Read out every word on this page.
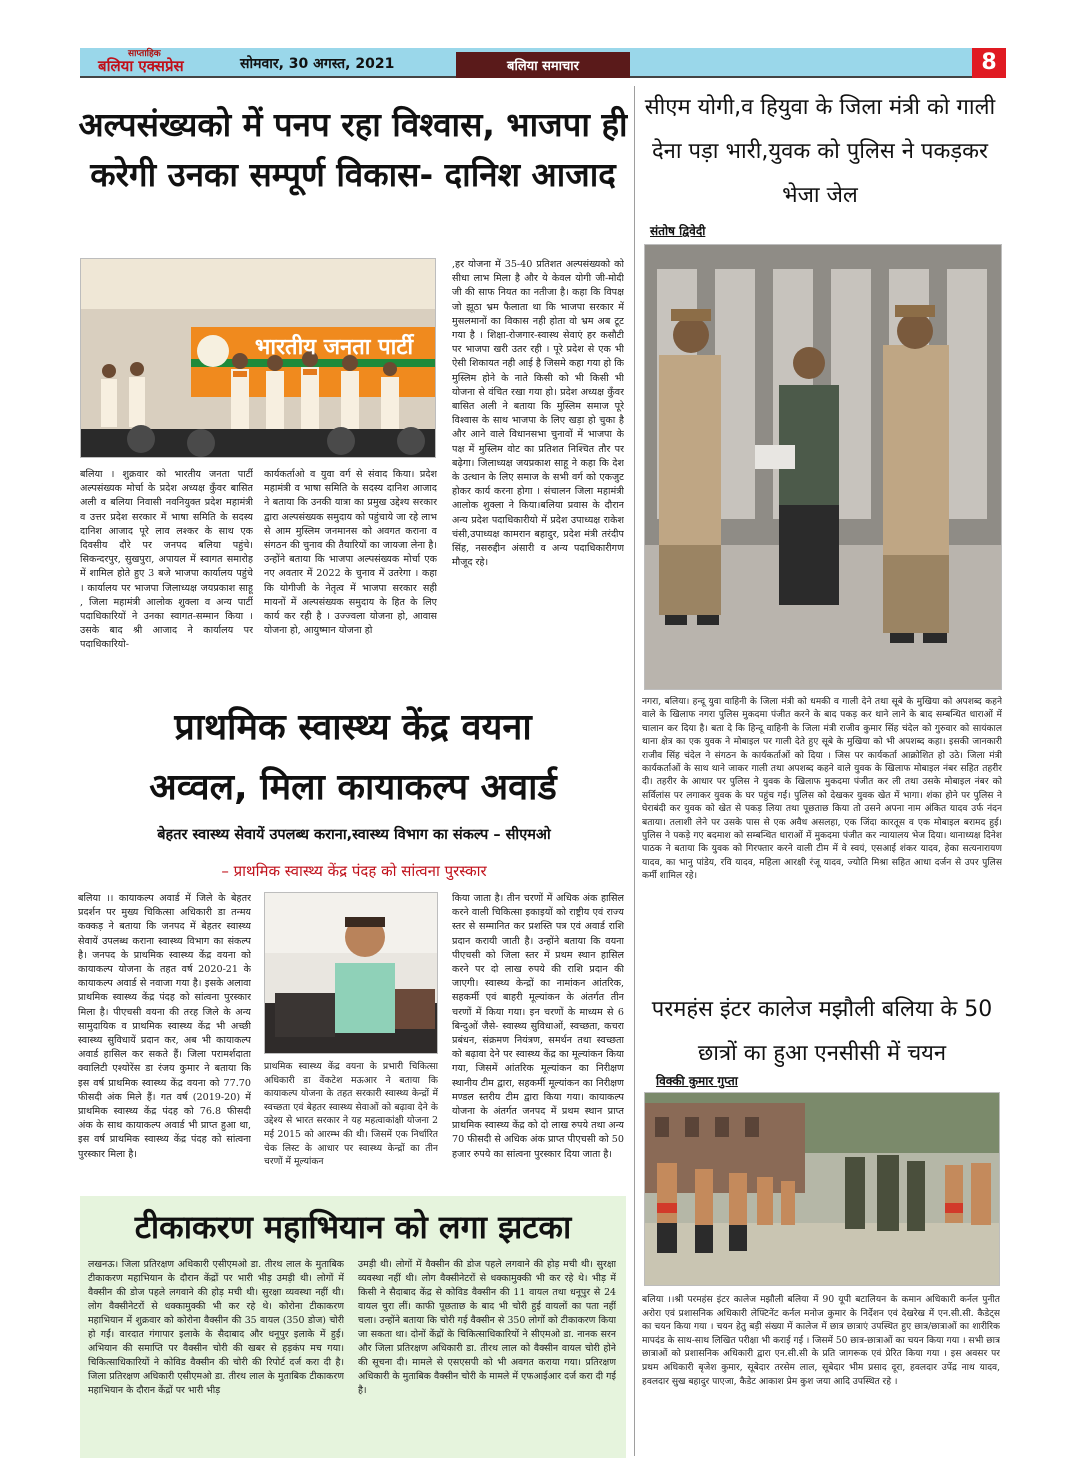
साप्ताहिक
बलिया एक्सप्रेस	सोमवार, 30 अगस्त, 2021	बलिया समाचार	8
अल्पसंख्यको में पनप रहा विश्वास, भाजपा ही करेगी उनका सम्पूर्ण विकास- दानिश आजाद
भारतीय जनता पार्टी
बलिया । शुक्रवार को भारतीय जनता पार्टी अल्पसंख्यक मोर्चा के प्रदेश अध्यक्ष कुँवर बासित अली व बलिया निवासी नवनियुक्त प्रदेश महामंत्री व उत्तर प्रदेश सरकार में भाषा समिति के सदस्य दानिश आजाद पूरे लाव लश्कर के साथ एक दिवसीय दौरे पर जनपद बलिया पहुंचे। सिकन्दरपुर, सुखपुरा, अपायल में स्वागत समारोह में शामिल होते हुए 3 बजे भाजपा कार्यालय पहुंचे । कार्यालय पर भाजपा जिलाध्यक्ष जयप्रकाश साहू , जिला महामंत्री आलोक शुक्ला व अन्य पार्टी पदाधिकारियों ने उनका स्वागत-सम्मान किया । उसके बाद श्री आजाद ने कार्यालय पर पदाधिकारियो-
कार्यकर्ताओ व युवा वर्ग से संवाद किया। प्रदेश महामंत्री व भाषा समिति के सदस्य दानिश आजाद ने बताया कि उनकी यात्रा का प्रमुख उद्देश्य सरकार द्वारा अल्पसंख्यक समुदाय को पहुंचाये जा रहे लाभ से आम मुस्लिम जनमानस को अवगत कराना व संगठन की चुनाव की तैयारियों का जायजा लेना है। उन्होंने बताया कि भाजपा अल्पसंख्यक मोर्चा एक नए अवतार में 2022 के चुनाव में उतरेगा । कहा कि योगीजी के नेतृत्व में भाजपा सरकार सही मायनों में अल्पसंख्यक समुदाय के हित के लिए कार्य कर रही है । उज्ज्वला योजना हो, आवास योजना हो, आयुष्मान योजना हो
,हर योजना में 35-40 प्रतिशत अल्पसंख्यको को सीधा लाभ मिला है और ये केवल योगी जी-मोदी जी की साफ नियत का नतीजा है। कहा कि विपक्ष जो झूठा भ्रम फैलाता था कि भाजपा सरकार में मुसलमानों का विकास नही होता वो भ्रम अब टूट गया है । शिक्षा-रोजगार-स्वास्थ सेवाएं हर कसौटी पर भाजपा खरी उतर रही । पूरे प्रदेश से एक भी ऐसी शिकायत नही आई है जिसमे कहा गया हो कि मुस्लिम होने के नाते किसी को भी किसी भी योजना से वंचित रखा गया हो। प्रदेश अध्यक्ष कुँवर बासित अली ने बताया कि मुस्लिम समाज पूरे विश्वास के साथ भाजपा के लिए खड़ा हो चुका है और आने वाले विधानसभा चुनावों में भाजपा के पक्ष में मुस्लिम वोट का प्रतिशत निश्चित तौर पर बढ़ेगा। जिलाध्यक्ष जयप्रकाश साहू ने कहा कि देश के उत्थान के लिए समाज के सभी वर्ग को एकजुट होकर कार्य करना होगा । संचालन जिला महामंत्री आलोक शुक्ला ने किया।बलिया प्रवास के दौरान अन्य प्रदेश पदाधिकारीयो में प्रदेश उपाध्यक्ष राकेश चंसी,उपाध्यक्ष कामरान बहादुर, प्रदेश मंत्री तरंदीप सिंह, नसरुद्दीन अंसारी व अन्य पदाधिकारीगण मौजूद रहे।
सीएम योगी,व हियुवा के जिला मंत्री को गाली देना पड़ा भारी,युवक को पुलिस ने पकड़कर भेजा जेल
संतोष द्विवेदी
नगरा, बलिया। हन्दू युवा वाहिनी के जिला मंत्री को धमकी व गाली देने तथा सूबे के मुखिया को अपशब्द कहने वाले के खिलाफ नगरा पुलिस मुकदमा पंजीत करने के बाद पकड़ कर थाने लाने के बाद सम्बन्धित धाराओं में चालान कर दिया है। बता दे कि हिन्दू वाहिनी के जिला मंत्री राजीव कुमार सिंह चंदेल को गुरुवार को सायंकाल थाना क्षेत्र का एक युवक ने मोबाइल पर गाली देते हुए सूबे के मुखिया को भी अपशब्द कहा। इसकी जानकारी राजीव सिंह चंदेल ने संगठन के कार्यकर्ताओं को दिया । जिस पर कार्यकर्ता आक्रोशित हो उठे। जिला मंत्री कार्यकर्ताओं के साथ थाने जाकर गाली तथा अपशब्द कहने वाले युवक के खिलाफ मोबाइल नंबर सहित तहरीर दी। तहरीर के आधार पर पुलिस ने युवक के खिलाफ मुकदमा पंजीत कर ली तथा उसके मोबाइल नंबर को सर्विलांस पर लगाकर युवक के घर पहुंच गई। पुलिस को देखकर युवक खेत में भागा। शंका होने पर पुलिस ने घेराबंदी कर युवक को खेत से पकड़ लिया तथा पूछताछ किया तो उसने अपना नाम अंकित यादव उर्फ नंदन बताया। तलाशी लेने पर उसके पास से एक अवैध असलहा, एक जिंदा कारतूस व एक मोबाइल बरामद हुई। पुलिस ने पकड़े गए बदमाश को सम्बन्धित धाराओं में मुकदमा पंजीत कर न्यायालय भेज दिया। थानाध्यक्ष दिनेश पाठक ने बताया कि युवक को गिरफ्तार करने वाली टीम में वे स्वयं, एसआई शंकर यादव, हेका सत्यनारायण यादव, का भानु पांडेय, रवि यादव, महिला आरक्षी रंजू यादव, ज्योति मिश्रा सहित आधा दर्जन से उपर पुलिस कर्मी शामिल रहे।
प्राथमिक स्वास्थ्य केंद्र वयना
अव्वल, मिला कायाकल्प अवार्ड
बेहतर स्वास्थ्य सेवायें उपलब्ध कराना,स्वास्थ्य विभाग का संकल्प – सीएमओ
– प्राथमिक स्वास्थ्य केंद्र पंदह को सांत्वना पुरस्कार
बलिया ।। कायाकल्प अवार्ड में जिले के बेहतर प्रदर्शन पर मुख्य चिकित्सा अधिकारी डा तन्मय कक्कड़ ने बताया कि जनपद में बेहतर स्वास्थ्य सेवायें उपलब्ध कराना स्वास्थ्य विभाग का संकल्प है। जनपद के प्राथमिक स्वास्थ्य केंद्र वयना को कायाकल्प योजना के तहत वर्ष 2020-21 के कायाकल्प अवार्ड से नवाजा गया है। इसके अलावा प्राथमिक स्वास्थ्य केंद्र पंदह को सांत्वना पुरस्कार मिला है। पीएचसी वयना की तरह जिले के अन्य सामुदायिक व प्राथमिक स्वास्थ्य केंद्र भी अच्छी स्वास्थ्य सुविधायें प्रदान कर, अब भी कायाकल्प अवार्ड हासिल कर सकते हैं। जिला परामर्शदाता क्वालिटी एश्योरेंस डा रंजय कुमार ने बताया कि इस वर्ष प्राथमिक स्वास्थ्य केंद्र वयना को 77.70 फीसदी अंक मिले हैं। गत वर्ष (2019-20) में प्राथमिक स्वास्थ्य केंद्र पंदह को 76.8 फीसदी अंक के साथ कायाकल्प अवार्ड भी प्राप्त हुआ था, इस वर्ष प्राथमिक स्वास्थ्य केंद्र पंदह को सांत्वना पुरस्कार मिला है।
प्राथमिक स्वास्थ्य केंद्र वयना के प्रभारी चिकित्सा अधिकारी डा वेंकटेश मऊआर ने बताया कि कायाकल्प योजना के तहत सरकारी स्वास्थ्य केन्द्रों में स्वच्छता एवं बेहतर स्वास्थ्य सेवाओं को बढ़ावा देने के उद्देश्य से भारत सरकार ने यह महत्वाकांक्षी योजना 2 मई 2015 को आरम्भ की थी। जिसमें एक निर्धारित चेक लिस्ट के आधार पर स्वास्थ्य केन्द्रों का तीन चरणों में मूल्यांकन
किया जाता है। तीन चरणों में अधिक अंक हासिल करने वाली चिकित्सा इकाइयों को राष्ट्रीय एवं राज्य स्तर से सम्मानित कर प्रशस्ति पत्र एवं अवार्ड राशि प्रदान करायी जाती है। उन्होंने बताया कि वयना पीएचसी को जिला स्तर में प्रथम स्थान हासिल करने पर दो लाख रुपये की राशि प्रदान की जाएगी। स्वास्थ्य केन्द्रों का नामांकन आंतरिक, सहकर्मी एवं बाहरी मूल्यांकन के अंतर्गत तीन चरणों में किया गया। इन चरणों के माध्यम से 6 बिन्दुओं जैसे- स्वास्थ्य सुविधाओं, स्वच्छता, कचरा प्रबंधन, संक्रमण नियंत्रण, समर्थन तथा स्वच्छता को बढ़ावा देने पर स्वास्थ्य केंद्र का मूल्यांकन किया गया, जिसमें आंतरिक मूल्यांकन का निरीक्षण स्थानीय टीम द्वारा, सहकर्मी मूल्यांकन का निरीक्षण मण्डल स्तरीय टीम द्वारा किया गया। कायाकल्प योजना के अंतर्गत जनपद में प्रथम स्थान प्राप्त प्राथमिक स्वास्थ्य केंद्र को दो लाख रुपये तथा अन्य 70 फीसदी से अधिक अंक प्राप्त पीएचसी को 50 हजार रुपये का सांत्वना पुरस्कार दिया जाता है।
परमहंस इंटर कालेज मझौली बलिया के 50 छात्रों का हुआ एनसीसी में चयन
विक्की कुमार गुप्ता
बलिया ।।श्री परमहंस इंटर कालेज मझौली बलिया में 90 यूपी बटालियन के कमान अधिकारी कर्नल पुनीत अरोरा एवं प्रशासनिक अधिकारी लेफ्टिनेंट कर्नल मनोज कुमार के निर्देशन एवं देखरेख में एन.सी.सी. कैडेट्स का चयन किया गया । चयन हेतु बड़ी संख्या में कालेज में छात्र छात्राएं उपस्थित हुए छात्र/छात्राओं का शारीरिक मापदंड के साथ-साथ लिखित परीक्षा भी कराई गई । जिसमें 50 छात्र-छात्राओं का चयन किया गया । सभी छात्र छात्राओं को प्रशासनिक अधिकारी द्वारा एन.सी.सी के प्रति जागरूक एवं प्रेरित किया गया । इस अवसर पर प्रथम अधिकारी बृजेश कुमार, सूबेदार तरसेम लाल, सूबेदार भीम प्रसाद दूरा, हवलदार उपेंद्र नाथ यादव, हवलदार सुख बहादुर पाएजा, कैडेट आकाश प्रेम कुश जया आदि उपस्थित रहे ।
टीकाकरण महाभियान को लगा झटका
लखनऊ। जिला प्रतिरक्षण अधिकारी एसीएमओ डा. तीरथ लाल के मुताबिक टीकाकरण महाभियान के दौरान केंद्रों पर भारी भीड़ उमड़ी थी। लोगों में वैक्सीन की डोज पहले लगवाने की होड़ मची थी। सुरक्षा व्यवस्था नहीं थी। लोग वैक्सीनेटरों से धक्कामुक्की भी कर रहे थे। कोरोना टीकाकरण महाभियान में शुक्रवार को कोरोना वैक्सीन की 35 वायल (350 डोज) चोरी हो गईं। वारदात गंगापार इलाके के सैदाबाद और धनूपुर इलाके में हुई। अभियान की समाप्ति पर वैक्सीन चोरी की खबर से हड़कंप मच गया। चिकित्साधिकारियों ने कोविड वैक्सीन की चोरी की रिपोर्ट दर्ज करा दी है। जिला प्रतिरक्षण अधिकारी एसीएमओ डा. तीरथ लाल के मुताबिक टीकाकरण महाभियान के दौरान केंद्रों पर भारी भीड़
उमड़ी थी। लोगों में वैक्सीन की डोज पहले लगवाने की होड़ मची थी। सुरक्षा व्यवस्था नहीं थी। लोग वैक्सीनेटरों से धक्कामुक्की भी कर रहे थे। भीड़ में किसी ने सैदाबाद केंद्र से कोविड वैक्सीन की 11 वायल तथा धनूपुर से 24 वायल चुरा लीं। काफी पूछताछ के बाद भी चोरी हुई वायलों का पता नहीं चला। उन्होंने बताया कि चोरी गई वैक्सीन से 350 लोगों को टीकाकरण किया जा सकता था। दोनों केंद्रों के चिकित्साधिकारियों ने सीएमओ डा. नानक सरन और जिला प्रतिरक्षण अधिकारी डा. तीरथ लाल को वैक्सीन वायल चोरी होने की सूचना दी। मामले से एसएसपी को भी अवगत कराया गया। प्रतिरक्षण अधिकारी के मुताबिक वैक्सीन चोरी के मामले में एफआईआर दर्ज करा दी गई है।
